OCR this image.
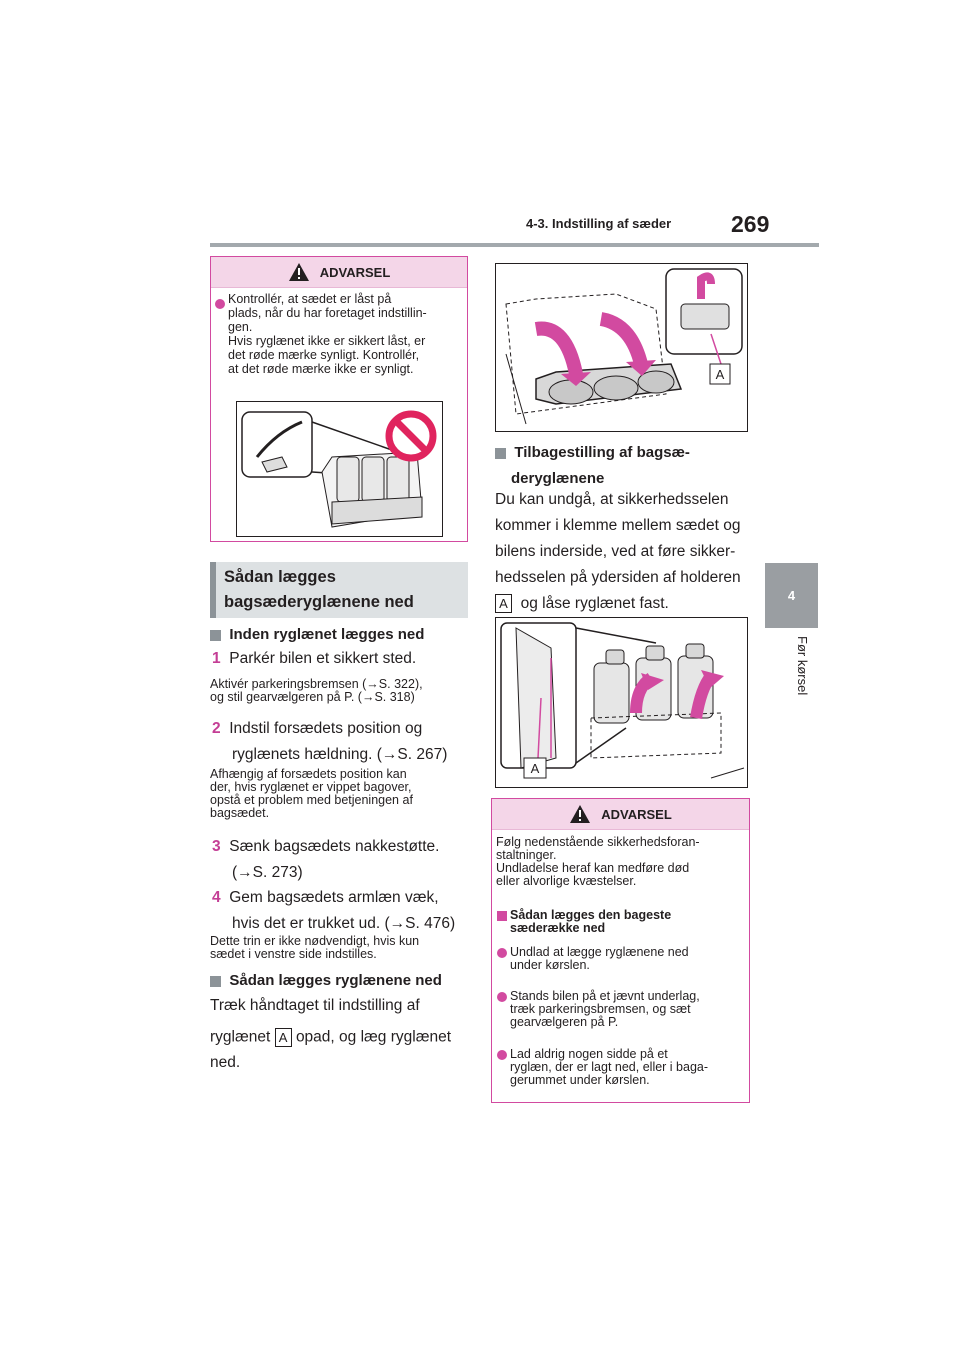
4-3. Indstilling af sæder	269
4
Før kørsel
ADVARSEL
Kontrollér, at sædet er låst på
plads, når du har foretaget indstillin-
gen.
Hvis ryglænet ikke er sikkert låst, er
det røde mærke synligt. Kontrollér,
at det røde mærke ikke er synligt.
Sådan lægges
bagsæderyglænene ned
Inden ryglænet lægges ned
1 Parkér bilen et sikkert sted.
Aktivér parkeringsbremsen (→S. 322),
og stil gearvælgeren på P. (→S. 318)
2 Indstil forsædets position og
ryglænets hældning. (→S. 267)
Afhængig af forsædets position kan
der, hvis ryglænet er vippet bagover,
opstå et problem med betjeningen af
bagsædet.
3 Sænk bagsædets nakkestøtte.
(→S. 273)
4 Gem bagsædets armlæn væk,
hvis det er trukket ud. (→S. 476)
Dette trin er ikke nødvendigt, hvis kun
sædet i venstre side indstilles.
Sådan lægges ryglænene ned
Træk håndtaget til indstilling af
ryglænet A opad, og læg ryglænet
ned.
A
Tilbagestilling af bagsæ-
deryglænene
Du kan undgå, at sikkerhedsselen
kommer i klemme mellem sædet og
bilens inderside, ved at føre sikker-
hedsselen på ydersiden af holderen
A og låse ryglænet fast.
A
ADVARSEL
Følg nedenstående sikkerhedsforan-
staltninger.
Undladelse heraf kan medføre død
eller alvorlige kvæstelser.
Sådan lægges den bageste
sæderække ned
Undlad at lægge ryglænene ned
under kørslen.
Stands bilen på et jævnt underlag,
træk parkeringsbremsen, og sæt
gearvælgeren på P.
Lad aldrig nogen sidde på et
ryglæn, der er lagt ned, eller i baga-
gerummet under kørslen.
